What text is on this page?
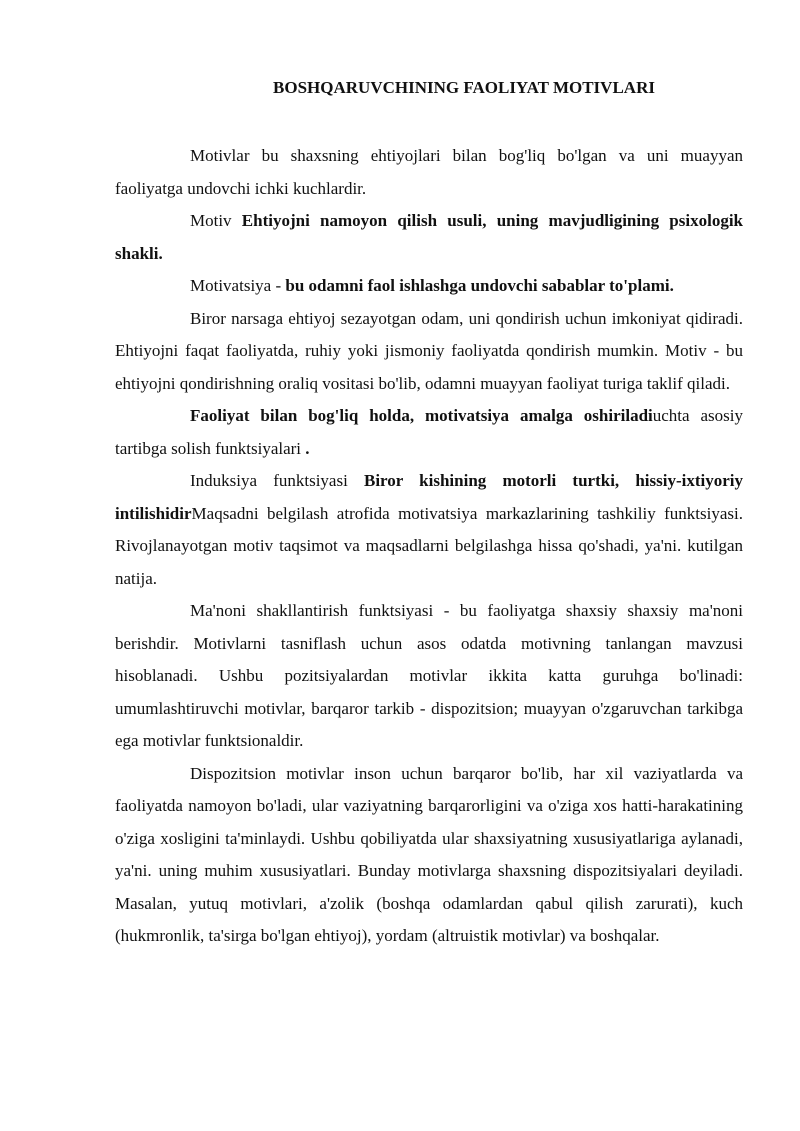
BOSHQARUVCHINING FAOLIYAT MOTIVLARI

Motivlar bu shaxsning ehtiyojlari bilan bog'liq bo'lgan va uni muayyan faoliyatga undovchi ichki kuchlardir.

Motiv Ehtiyojni namoyon qilish usuli, uning mavjudligining psixologik shakli.

Motivatsiya - bu odamni faol ishlashga undovchi sabablar to'plami.

Biror narsaga ehtiyoj sezayotgan odam, uni qondirish uchun imkoniyat qidiradi. Ehtiyojni faqat faoliyatda, ruhiy yoki jismoniy faoliyatda qondirish mumkin. Motiv - bu ehtiyojni qondirishning oraliq vositasi bo'lib, odamni muayyan faoliyat turiga taklif qiladi.

Faoliyat bilan bog'liq holda, motivatsiya amalga oshiriladiuchta asosiy tartibga solish funktsiyalari .

Induksiya funktsiyasi Biror kishining motorli turtki, hissiy-ixtiyoriy intilishidirMaqsadni belgilash atrofida motivatsiya markazlarining tashkiliy funktsiyasi. Rivojlanayotgan motiv taqsimot va maqsadlarni belgilashga hissa qo'shadi, ya'ni. kutilgan natija.

Ma'noni shakllantirish funktsiyasi - bu faoliyatga shaxsiy shaxsiy ma'noni berishdir. Motivlarni tasniflash uchun asos odatda motivning tanlangan mavzusi hisoblanadi. Ushbu pozitsiyalardan motivlar ikkita katta guruhga bo'linadi: umumlashtiruvchi motivlar, barqaror tarkib - dispozitsion; muayyan o'zgaruvchan tarkibga ega motivlar funktsionaldir.

Dispozitsion motivlar inson uchun barqaror bo'lib, har xil vaziyatlarda va faoliyatda namoyon bo'ladi, ular vaziyatning barqarorligini va o'ziga xos hatti-harakatining o'ziga xosligini ta'minlaydi. Ushbu qobiliyatda ular shaxsiyatning xususiyatlariga aylanadi, ya'ni. uning muhim xususiyatlari. Bunday motivlarga shaxsning dispozitsiyalari deyiladi. Masalan, yutuq motivlari, a'zolik (boshqa odamlardan qabul qilish zarurati), kuch (hukmronlik, ta'sirga bo'lgan ehtiyoj), yordam (altruistik motivlar) va boshqalar.
